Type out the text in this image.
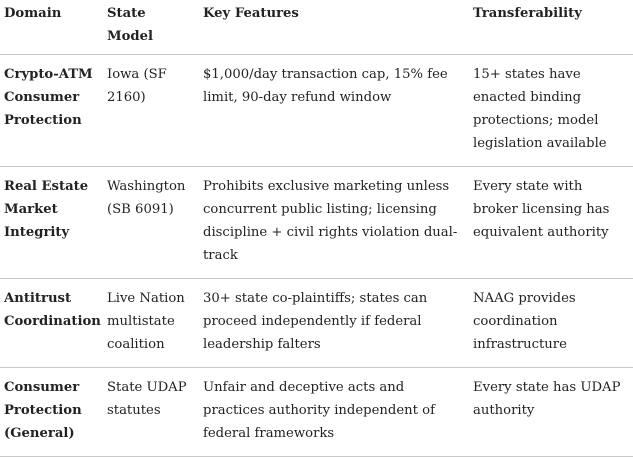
Domain	State Model	Key Features	Transferability
Crypto-ATM Consumer Protection	Iowa (SF 2160)	$1,000/day transaction cap, 15% fee limit, 90-day refund window	15+ states have enacted binding protections; model legislation available
Real Estate Market Integrity	Washington (SB 6091)	Prohibits exclusive marketing unless concurrent public listing; licensing discipline + civil rights violation dual-track	Every state with broker licensing has equivalent authority
Antitrust Coordination	Live Nation multistate coalition	30+ state co-plaintiffs; states can proceed independently if federal leadership falters	NAAG provides coordination infrastructure
Consumer Protection (General)	State UDAP statutes	Unfair and deceptive acts and practices authority independent of federal frameworks	Every state has UDAP authority
